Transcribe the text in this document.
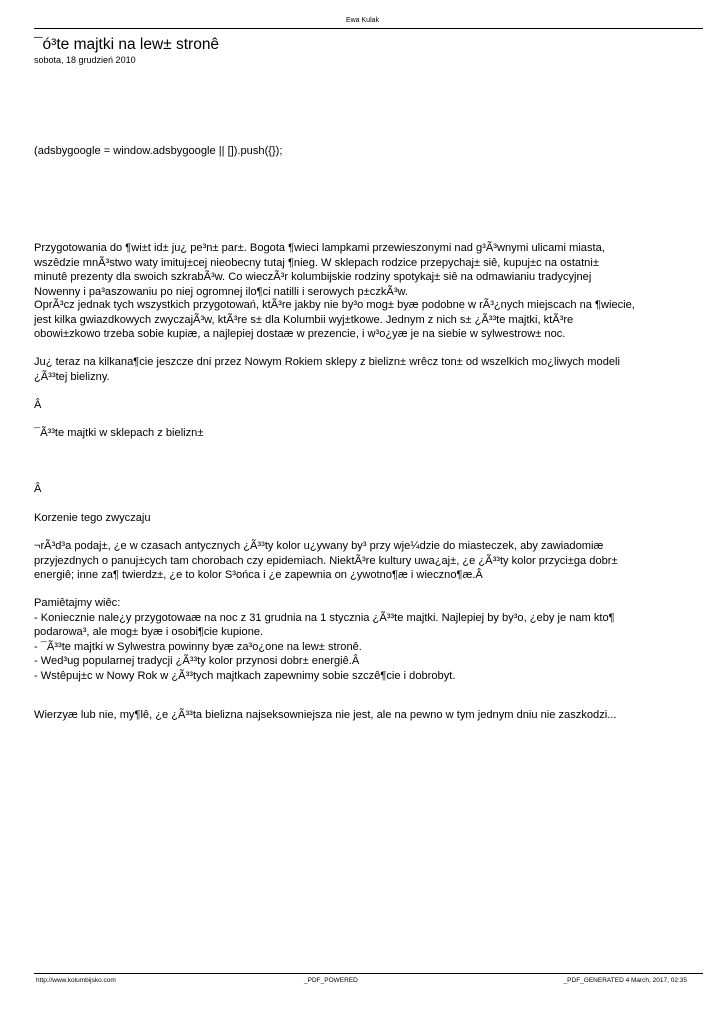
Ewa Kulak
¯ó³te majtki na lew± stronê
sobota, 18 grudzień 2010

(adsbygoogle = window.adsbygoogle || []).push({});

Przygotowania do ¶wi±t id± ju¿ pe³n± par±. Bogota ¶wieci lampkami przewieszonymi nad g³Ã³wnymi ulicami miasta,

wszêdzie mnÃ³stwo waty imituj±cej nieobecny tutaj ¶nieg. W sklepach rodzice przepychaj± siê, kupuj±c na ostatni±

minutê prezenty dla swoich szkrabÃ³w. Co wieczÃ³r kolumbijskie rodziny spotykaj± siê na odmawianiu tradycyjnej

Nowenny i pa³aszowaniu po niej ogromnej ilo¶ci natilli i serowych p±czkÃ³w.

OprÃ³cz jednak tych wszystkich przygotowań, ktÃ³re jakby nie by³o mog± byæ podobne w rÃ³¿nych miejscach na ¶wiecie,

jest kilka gwiazdkowych zwyczajÃ³w, ktÃ³re s± dla Kolumbii wyj±tkowe. Jednym z nich s± ¿Ã³³te majtki, ktÃ³re

obowi±zkowo trzeba sobie kupiæ, a najlepiej dostaæ w prezencie, i w³o¿yæ je na siebie w sylwestrow± noc.

Ju¿ teraz na kilkana¶cie jeszcze dni przez Nowym Rokiem sklepy z bielizn± wrêcz ton± od wszelkich mo¿liwych modeli

¿Ã³³tej bielizny.

Â

¯Ã³³te majtki w sklepach z bielizn±

Â

Korzenie tego zwyczaju

¬rÃ³d³a podaj±, ¿e w czasach antycznych ¿Ã³³ty kolor u¿ywany by³ przy wje¼dzie do miasteczek, aby zawiadomiæ

przyjezdnych o panuj±cych tam chorobach czy epidemiach. NiektÃ³re kultury uwa¿aj±, ¿e ¿Ã³³ty kolor przyci±ga dobr±

energiê; inne za¶ twierdz±, ¿e to kolor S³ońca i ¿e zapewnia on ¿ywotno¶æ i wieczno¶æ.Â

Pamiêtajmy wiêc:

- Koniecznie nale¿y przygotowaæ na noc z 31 grudnia na 1 stycznia ¿Ã³³te majtki. Najlepiej by by³o, ¿eby je nam kto¶

podarowa³, ale mog± byæ i osobi¶cie kupione.

- ¯Ã³³te majtki w Sylwestra powinny byæ za³o¿one na lew± stronê.

- Wed³ug popularnej tradycji ¿Ã³³ty kolor przynosi dobr± energiê.Â

- Wstêpuj±c w Nowy Rok w ¿Ã³³tych majtkach zapewnimy sobie szczê¶cie i dobrobyt.

Wierzyæ lub nie, my¶lê, ¿e ¿Ã³³ta bielizna najseksowniejsza nie jest, ale na pewno w tym jednym dniu nie zaszkodzi...

http://www.kolumbijsko.com	_PDF_POWERED	_PDF_GENERATED 4 March, 2017, 02:35
